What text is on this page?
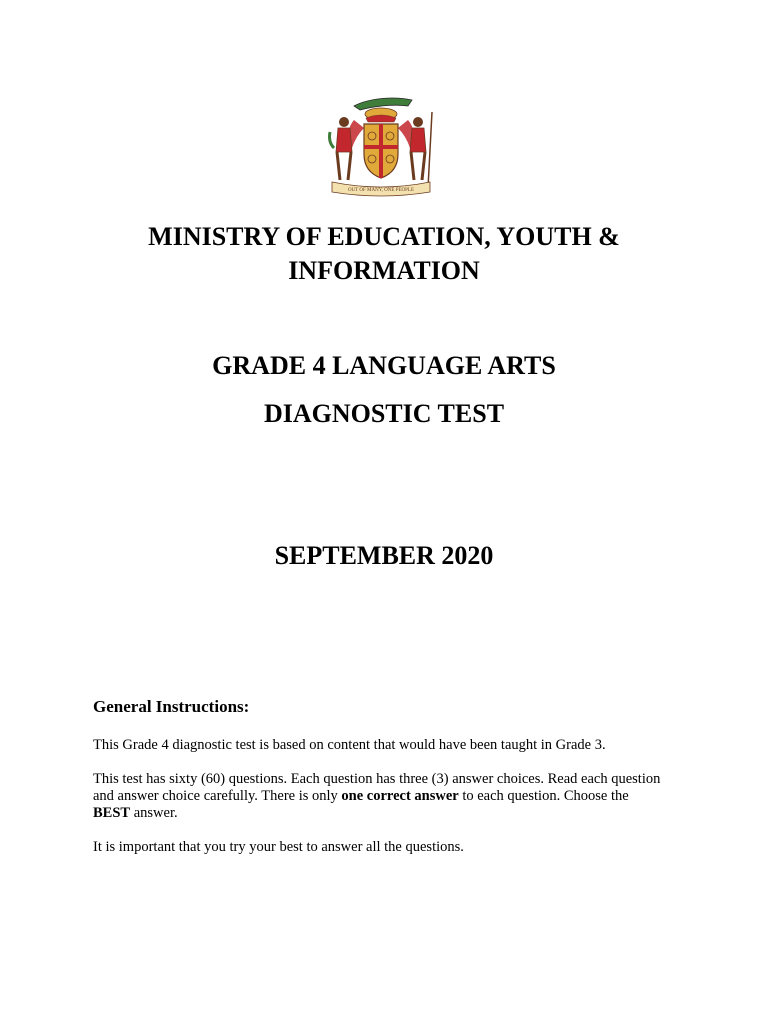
OUT OF MANY, ONE PEOPLE
MINISTRY OF EDUCATION, YOUTH &
INFORMATION
GRADE 4 LANGUAGE ARTS
DIAGNOSTIC TEST
SEPTEMBER 2020
General Instructions:

This Grade 4 diagnostic test is based on content that would have been taught in Grade 3.

This test has sixty (60) questions. Each question has three (3) answer choices. Read each question and answer choice carefully. There is only one correct answer to each question. Choose the BEST answer.

It is important that you try your best to answer all the questions.
